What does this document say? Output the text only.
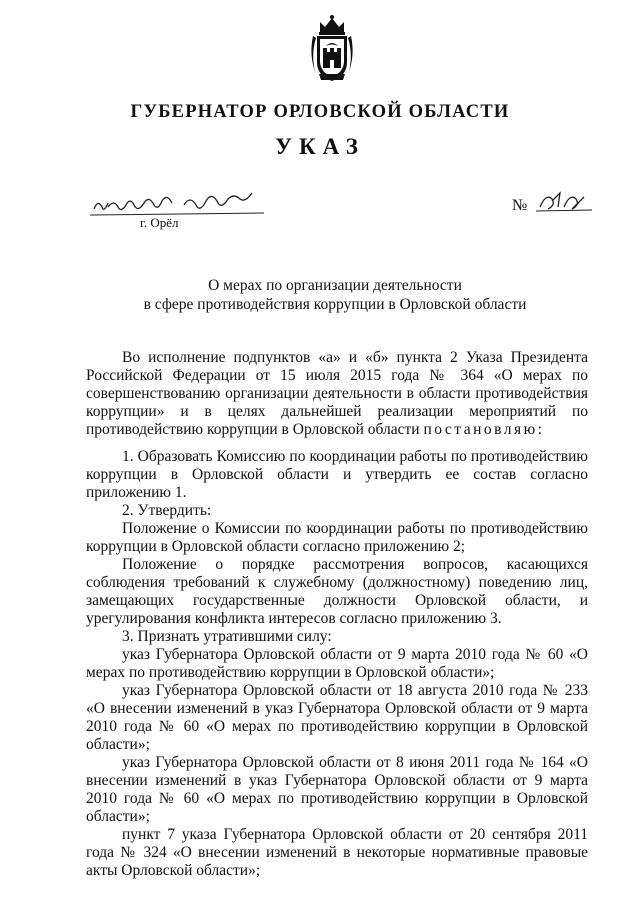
ГУБЕРНАТОР ОРЛОВСКОЙ ОБЛАСТИ
УКАЗ
г. Орёл
№
О мерах по организации деятельности
в сфере противодействия коррупции в Орловской области

Во исполнение подпунктов «а» и «б» пункта 2 Указа Президента Российской Федерации от 15 июля 2015 года № 364 «О мерах по совершенствованию организации деятельности в области противодействия коррупции» и в целях дальнейшей реализации мероприятий по противодействию коррупции в Орловской области постановляю:

1. Образовать Комиссию по координации работы по противодействию коррупции в Орловской области и утвердить ее состав согласно приложению 1.

2. Утвердить:

Положение о Комиссии по координации работы по противодействию коррупции в Орловской области согласно приложению 2;

Положение о порядке рассмотрения вопросов, касающихся соблюдения требований к служебному (должностному) поведению лиц, замещающих государственные должности Орловской области, и урегулирования конфликта интересов согласно приложению 3.

3. Признать утратившими силу:

указ Губернатора Орловской области от 9 марта 2010 года № 60 «О мерах по противодействию коррупции в Орловской области»;

указ Губернатора Орловской области от 18 августа 2010 года № 233 «О внесении изменений в указ Губернатора Орловской области от 9 марта 2010 года № 60 «О мерах по противодействию коррупции в Орловской области»;

указ Губернатора Орловской области от 8 июня 2011 года № 164 «О внесении изменений в указ Губернатора Орловской области от 9 марта 2010 года № 60 «О мерах по противодействию коррупции в Орловской области»;

пункт 7 указа Губернатора Орловской области от 20 сентября 2011 года № 324 «О внесении изменений в некоторые нормативные правовые акты Орловской области»;
